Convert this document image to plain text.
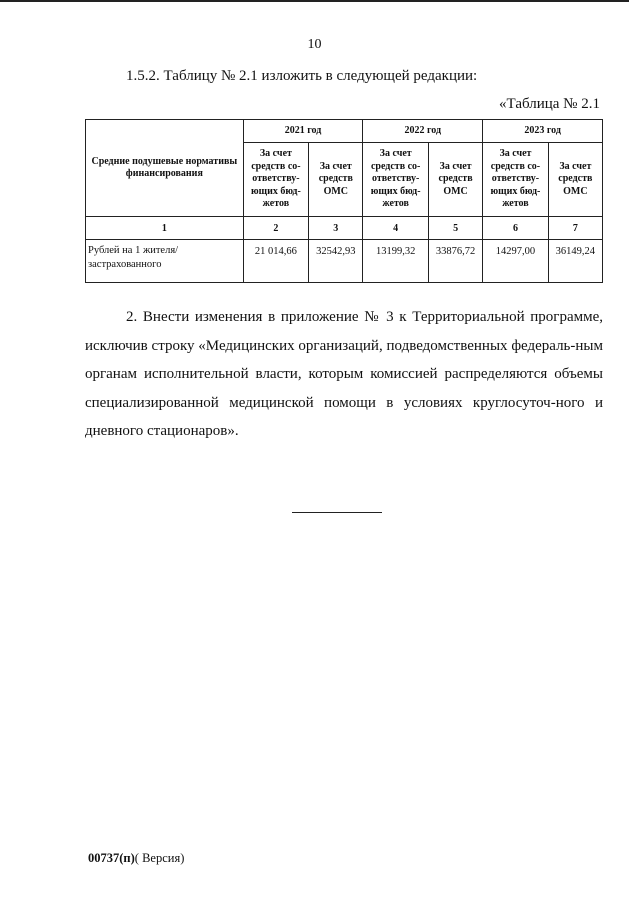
10
1.5.2. Таблицу № 2.1 изложить в следующей редакции:
«Таблица № 2.1
Средние подушевые нормативы финансирования	2021 год		2022 год		2023 год	
	За счет средств со-ответству-ющих бюд-жетов	За счет средств ОМС	За счет средств со-ответству-ющих бюд-жетов	За счет средств ОМС	За счет средств со-ответству-ющих бюд-жетов	За счет средств ОМС
1	2	3	4	5	6	7
Рублей на 1 жителя/ застрахованного	21 014,66	32542,93	13199,32	33876,72	14297,00	36149,24
2. Внести изменения в приложение № 3 к Территориальной программе, исключив строку «Медицинских организаций, подведомственных федераль-ным органам исполнительной власти, которым комиссией распределяются объемы специализированной медицинской помощи в условиях круглосуточ-ного и дневного стационаров».
00737(п)( Версия)
